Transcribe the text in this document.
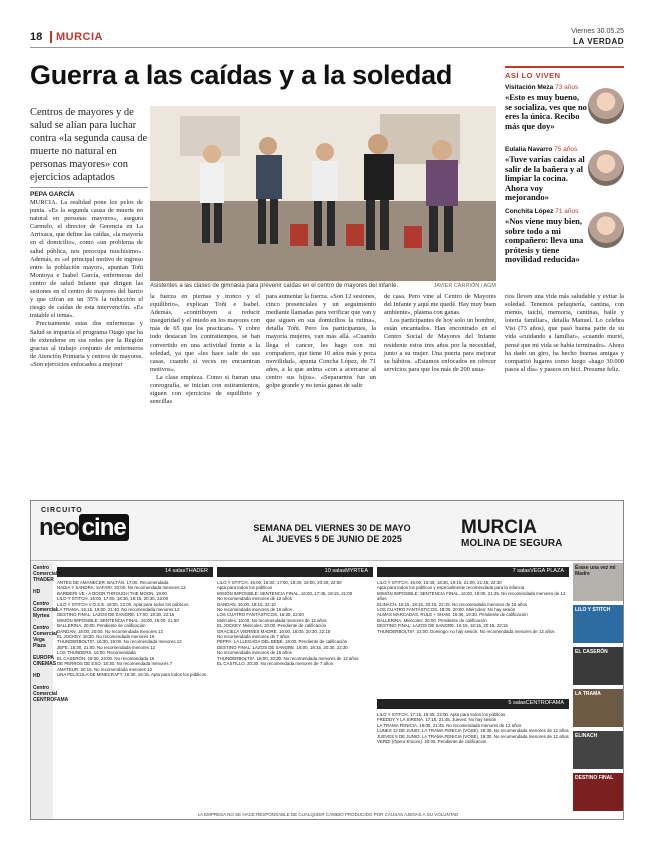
18	MURCIA	Viernes 30.05.25
LA VERDAD
Guerra a las caídas y a la soledad

Centros de mayores y de salud se alían para luchar contra «la segunda causa de muerte no natural en personas mayores» con ejercicios adaptados

PEPA GARCÍA
Asistentes a las clases de gimnasia para prevenir caídas en el centro de mayores del infante.	JAVIER CARRIÓN / AGM

MURCIA. La realidad pone los pelos de punta. «Es la segunda causa de muerte no natural en personas mayores», asegura Carmelo, el director de Gerencia en La Arrixaca, que define las caídas, «la mayoría en el domicilio», como «un problema de salud pública, nos preocupa muchísimo». Además, es «el principal motivo de ingreso entre la población mayor», apuntan Toñi Montoya e Isabel García, enfermeras del centro de salud Infante que dirigen las sesiones en el centro de mayores del barrio y que cifran en un 35% la reducción el riesgo de caídas de esta intervención. «Es tratable el tema».

Precisamente estas dos enfermeras y Salud se impartía el programa Otago que ha de extenderse en sus redes por la Región gracias al trabajo conjunto de enfermeros de Atención Primaria y centros de mayores. «Son ejercicios enfocados a mejorar

la fuerza en piernas y tronco y el equilibrio», explican Toñi e Isabel. Además, «contribuyen a reducir inseguridad y el miedo en los mayores con más de 65 que los practican». Y cobre todo destacan los contratiempos, se han convertido en una actividad frente a la soledad, ya que «les hace salir de sus casas, cuando sí veces no encuentran motivos».

La clase empieza. Como si fueran una coreografía, se inician con estiramientos, siguen con ejercicios de equilibrio y sencillas

para aumentar la fuerza. «Son 12 sesiones, cinco presenciales y un seguimiento mediante llamadas para verificar que van y que siguen en sus domicilios la rutina», detalla Toñi. Pero los participantes, la mayoría mujeres, van más allá. «Cuando llega el cancer, les hago con mi compañero, que tiene 10 años más y poca movilidad», apunta Concha López, de 71 años, a la que anima «con a acercarse al centro sus hijos». «Separarnos fue un golpe grande y no tenía ganas de salir

de casa. Pero vine al Centro de Mayores del Infante y aquí me quedé. Hay muy buen ambiente», plasma con ganas.

Los participantes de hoy solo un hombre, están encantados. Han encontrado en el Centro Social de Mayores del Infante residente estos tres años por la necesidad, junto a su mujer. Una puerta para mejorar su hábitos. «Estamos enfocados en ofrecer servicios para que los más de 200 usua-

rios lleven una vida más saludable y evitar la soledad. Tenemos peluquería, cantina, con menús, taichí, memoria, cantinas, baile y lotería familiar», detalla Manuel. Lo celebra Visi (73 años), que pasó buena parte de su vida «cuidando a familiar», «cuando murió, pensé que mi vida se había terminado». Ahora ha dado un giro, ha hecho buenas amigas y compartió lugares como luego «hago 30.000 pasos al día» y paseos en bici. Presume feliz.

ASÍ LO VIVEN
Visitación Meza 73 años
«Esto es muy bueno, se socializa, ves que no eres la única. Recibo más que doy»
Eulalia Navarro 75 años
«Tuve varias caídas al salir de la bañera y al limpiar la cocina. Ahora voy mejorando»
Conchita López 71 años
«Nos viene muy bien, sobre todo a mi compañero: lleva una prótesis y tiene movilidad reducida»
CIRCUITO
neo cine	SEMANA DEL VIERNES 30 DE MAYO
AL JUEVES 5 DE JUNIO DE 2025
MURCIA
MOLINA DE SEGURA
Centro Comercial THADER
HD
Centro Comercial Myrtea
Centro Comercial Vega Plaza
EUROPA CINEMAS
HD
Centro Comercial CENTROFAMA
THADER
14 salas
ANTES DE AMANECER: BALTÁN. 17:00. Recomendada
NADIA Y SANDRA: SAFARI. 20:00. No recomendada menores 12
BARBIERI VE - A DOOR THROUGH THE MOON. 19:00
LILO Y STITCH. 16:00, 17:00, 18:30, 19:15, 20:30, 22:00
LILO Y STITCH V.O.S.E. 18:00, 22:00. Apta para todos los públicos
LA TRAMA. 16:15, 19:00, 21:40. No recomendada menores 12
DESTINO FINAL: LAZOS DE SANGRE. 17:00, 19:30, 22:15
MISIÓN IMPOSIBLE: SENTENCIA FINAL. 16:00, 19:00, 21:50
BALLERINA. 20:00. Pendiente de calificación
DANDAN. 18:00, 20:00. No recomendada menores 12
EL JOCKEY. 16:30. No recomendada menores 16
THUNDERBOLTS*. 16:30, 19:00. No recomendada menores 12
JEFE. 15:30, 21:00. No recomendada menores 12
LOS THUNDERS. 16:00. Recomendada
EL CASERÓN. 19:30, 22:00. No recomendada 16
DE PERROS DE ESO. 18:30. No recomendada menores 7
AMATEUR. 20:15. No recomendada menores 12
UNA PELÍCULA DE MINECRAFT. 16:30, 18:15. Apta para todos los públicos
MYRTEA
10 salas
LILO Y STITCH. 16:00, 16:30, 17:00, 18:30, 19:00, 20:30, 22:00
Apta para todos los públicos
MISIÓN IMPOSIBLE: SENTENCIA FINAL. 16:00, 17:45, 19:15, 21:00
No recomendada menores de 12 años
DANDAN. 16:00, 18:15, 22:10
No recomendada menores de 16 años
LOS CUATRO FANTÁSTICOS. 16:30, 22:00
Miércoles: 16:00. No recomendada menores de 12 años
EL JOCKEY. Miércoles: 20:00. Pendiente de calificación
GRACIELA VIERNES MADRE. 16:00, 18:00, 20:30, 22:15
No recomendada menores de 7 años
PEPPA: LA LLEGADA DEL BEBÉ. 16:00. Pendiente de calificación
DESTINO FINAL: LAZOS DE SANGRE. 16:00, 18:15, 20:30, 22:30
No recomendada menores de 16 años
THUNDERBOLTS*. 18:00, 20:30. No recomendada menores de 12 años
EL CASTILLO. 20:30. No recomendada menores de 7 años
VEGA PLAZA
7 salas
LILO Y STITCH. 16:00, 16:45, 18:30, 19:15, 21:00, 21:45, 22:30
Apta para todos los públicos y especialmente recomendada para la infancia
MISIÓN IMPOSIBLE: SENTENCIA FINAL. 16:00, 19:00, 21:45. No recomendada menores de 12 años
ELINACH. 16:15, 18:15, 20:15, 22:15. No recomendada menores de 16 años
LOS CUATRO FANTÁSTICOS. 18:00, 20:00. Miércoles: No hay sesión
ALMAS MARCADAS: RULE + SHAW. 16:30, 19:30. Pendiente de calificación
BALLERINA. Miércoles: 20:00. Pendiente de calificación
DESTINO FINAL: LAZOS DE SANGRE. 16:15, 18:15, 20:15, 22:15
THUNDERBOLTS*. 22:00. Domingo: no hay sesión. No recomendada menores de 12 años
CENTROFAMA
5 salas
LILO Y STITCH. 17:15, 19:45, 22:00. Apta para todos los públicos
FREDDY Y LA SIRENA. 17:15, 21:45. Jueves: No hay sesión
LA TRAMA FENICIA. 19:00, 21:45. No recomendada menores de 12 años
LUNES 12 DE JUNIO: LA TRAMA FENICIA (VOSE). 19:30. No recomendada menores de 12 años
JUEVES 5 DE JUNIO: LA TRAMA FENICIA (VOSE). 19:30. No recomendada menores de 12 años
VERDI (Ópera Encore). 20:00. Pendiente de calificación
Érase una vez mi Madre
LILO Y STITCH
EL CASERÓN
LA TRAMA
ELINACH
DESTINO FINAL
LA EMPRESA NO SE HACE RESPONSABLE DE CUALQUIER CAMBIO PRODUCIDO POR CAUSAS AJENAS A SU VOLUNTAD
